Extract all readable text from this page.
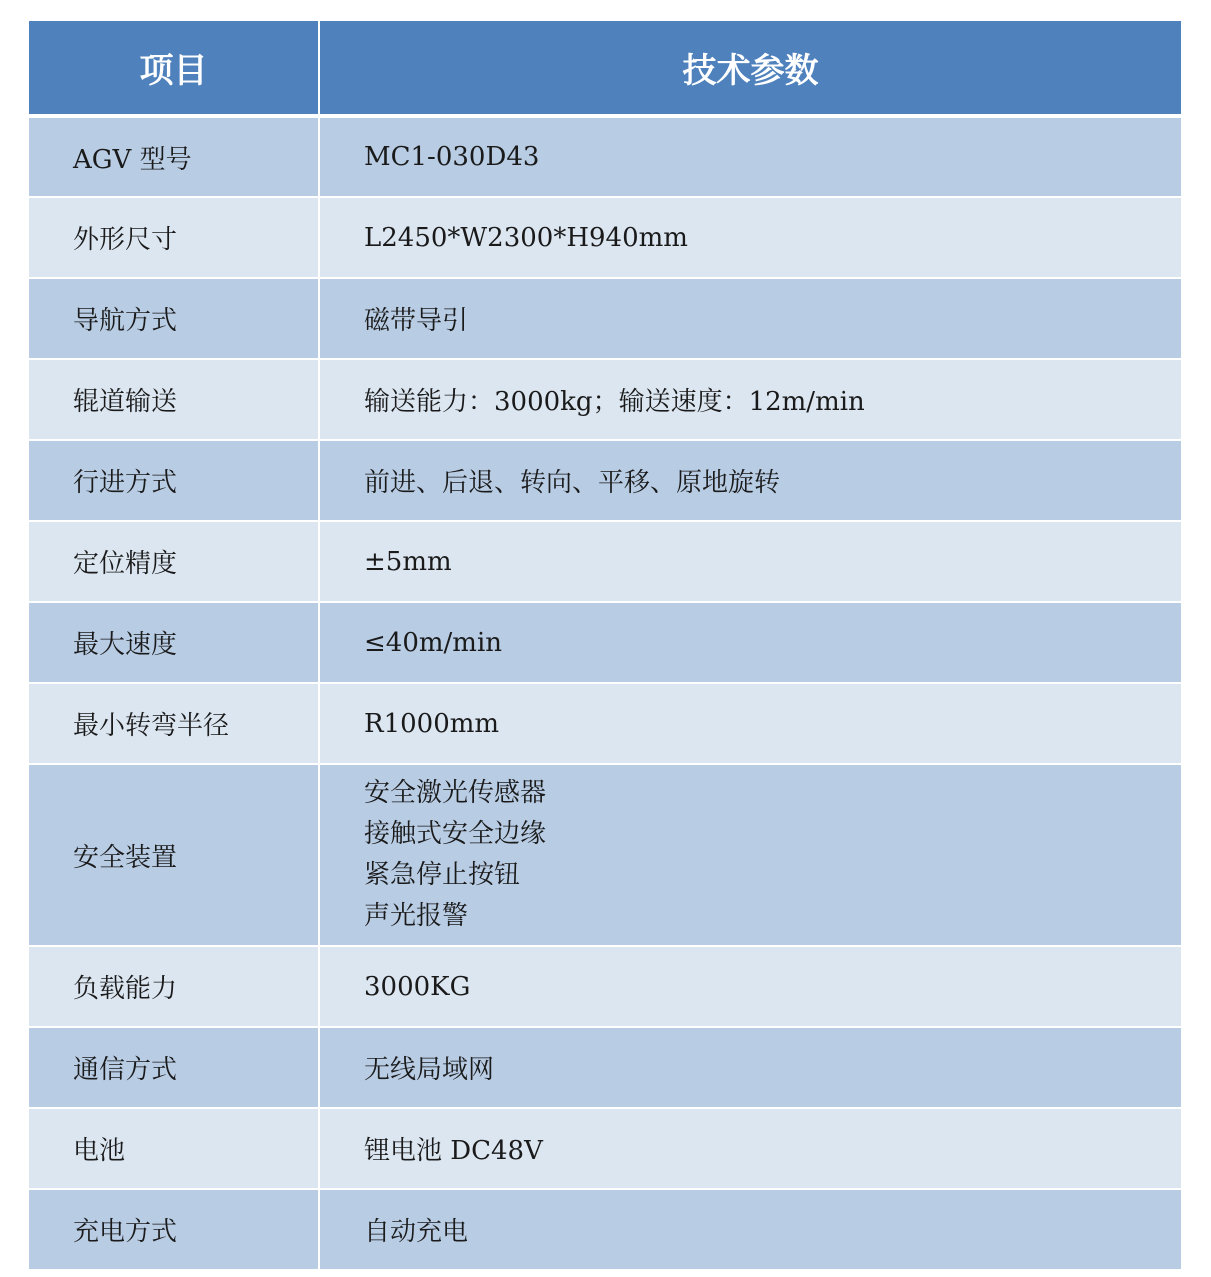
项目	技术参数
AGV 型号	MC1-030D43
外形尺寸	L2450*W2300*H940mm
导航方式	磁带导引
辊道输送	输送能力：3000kg；输送速度：12m/min
行进方式	前进、后退、转向、平移、原地旋转
定位精度	±5mm
最大速度	≤40m/min
最小转弯半径	R1000mm
安全装置	安全激光传感器
接触式安全边缘
紧急停止按钮
声光报警

负载能力	3000KG
通信方式	无线局域网
电池	锂电池 DC48V
充电方式	自动充电
